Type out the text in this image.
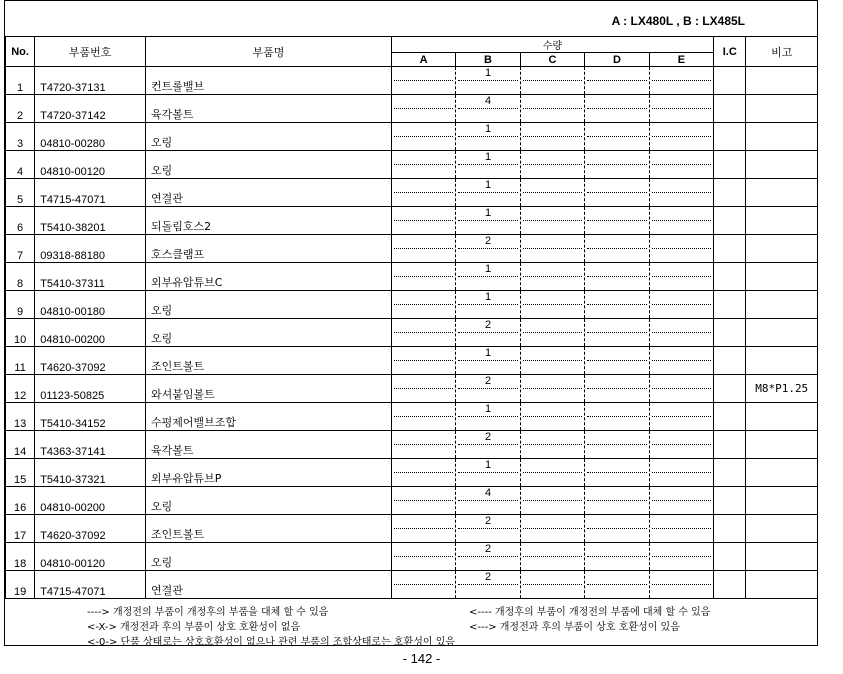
A : LX480L , B : LX485L
No.	부품번호	부품명	수량					I.C	비고
			A	B	C	D	E		
1	T4720-37131	컨트롤밸브		1					

2	T4720-37142	육각볼트		4					

3	04810-00280	오링		1					

4	04810-00120	오링		1					

5	T4715-47071	연결관		1					

6	T5410-38201	되돌림호스2		1					

7	09318-88180	호스클램프		2					

8	T5410-37311	외부유압튜브C		1					

9	04810-00180	오링		1					

10	04810-00200	오링		2					

11	T4620-37092	조인트볼트		1					

12	01123-50825	와셔붙임볼트		2					M8*P1.25
13	T5410-34152	수평제어밸브조합		1					

14	T4363-37141	육각볼트		2					

15	T5410-37321	외부유압튜브P		1					

16	04810-00200	오링		4					

17	T4620-37092	조인트볼트		2					

18	04810-00120	오링		2					

19	T4715-47071	연결관		2					

----> 개정전의 부품이 개정후의 부품을 대체 할 수 있음	<---- 개정후의 부품이 개정전의 부품에 대체 할 수 있음
<-X-> 개정전과 후의 부품이 상호 호환성이 없음	<---> 개정전과 후의 부품이 상호 호환성이 있음
<-0-> 단품 상태로는 상호호환성이 없으나 관련 부품의 조합상태로는 호환성이 있음
- 142 -
